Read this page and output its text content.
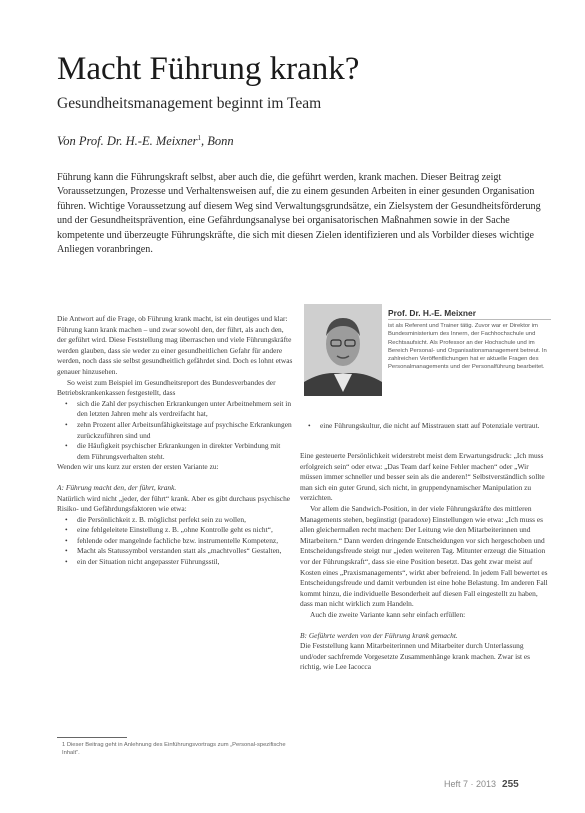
Macht Führung krank?
Gesundheitsmanagement beginnt im Team
Von Prof. Dr. H.-E. Meixner$^1$, Bonn
Führung kann die Führungskraft selbst, aber auch die, die geführt werden, krank machen. Dieser Beitrag zeigt Voraussetzungen, Prozesse und Verhaltensweisen auf, die zu einem gesunden Arbeiten in einer gesunden Organisation führen. Wichtige Voraussetzung auf diesem Weg sind Verwaltungsgrundsätze, ein Zielsystem der Gesundheitsförderung und der Gesundheitsprävention, eine Gefährdungsanalyse bei organisatorischen Maßnahmen sowie in der Sache kompetente und überzeugte Führungskräfte, die sich mit diesen Zielen identifizieren und als Vorbilder dieses wichtige Anliegen voranbringen.

Die Antwort auf die Frage, ob Führung krank macht, ist ein deutiges und klar: Führung kann krank machen – und zwar sowohl den, der führt, als auch den, der geführt wird. Diese Feststellung mag überraschen und viele Führungskräfte werden glauben, dass sie weder zu einer gesundheitlichen Gefahr für andere werden, noch dass sie selbst gesundheitlich gefährdet sind. Doch es lohnt etwas genauer hinzusehen.

So weist zum Beispiel im Gesundheitsreport des Bundesverbandes der Betriebskrankenkassen festgestellt, dass

• sich die Zahl der psychischen Erkrankungen unter Arbeitnehmern seit in den letzten Jahren mehr als verdreifacht hat,
• zehn Prozent aller Arbeitsunfähigkeitstage auf psychische Erkrankungen zurückzuführen sind und
• die Häufigkeit psychischer Erkrankungen in direkter Verbindung mit dem Führungsverhalten steht.

Wenden wir uns kurz zur ersten der ersten Variante zu:

A: Führung macht den, der führt, krank.

Natürlich wird nicht „jeder, der führt“ krank. Aber es gibt durchaus psychische Risiko- und Gefährdungsfaktoren wie etwa:

• die Persönlichkeit z. B. möglichst perfekt sein zu wollen,
• eine fehlgeleitete Einstellung z. B. „ohne Kontrolle geht es nicht“,
• fehlende oder mangelnde fachliche bzw. instrumentelle Kompetenz,
• Macht als Statussymbol verstanden statt als „machtvolles“ Gestalten,
• ein der Situation nicht angepasster Führungsstil,
Prof. Dr. H.-E. Meixner
ist als Referent und Trainer tätig. Zuvor war er Direktor im Bundesministerium des Innern, der Fachhochschule und Rechtsaufsicht. Als Professor an der Hochschule und im Bereich Personal- und Organisationsmanagement betreut. In zahlreichen Veröffentlichungen hat er aktuelle Fragen des Personalmanagements und der Personalführung bearbeitet.
• eine Führungskultur, die nicht auf Misstrauen statt auf Potenziale vertraut.

Eine gesteuerte Persönlichkeit widerstrebt meist dem Erwartungsdruck: „Ich muss erfolgreich sein“ oder etwa: „Das Team darf keine Fehler machen“ oder „Wir müssen immer schneller und besser sein als die anderen!“ Selbstverständlich sollte man sich ein guter Grund, sich nicht, in gruppendynamischer Manipulation zu verzichten.

Vor allem die Sandwich-Position, in der viele Führungskräfte des mittleren Managements stehen, begünstigt (paradoxe) Einstellungen wie etwa: „Ich muss es allen gleichermaßen recht machen: Der Leitung wie den Mitarbeiterinnen und Mitarbeitern.“ Dann werden dringende Entscheidungen vor sich hergeschoben und Entscheidungsfreude steigt nur „jeden weiteren Tag. Mitunter erzeugt die Situation vor der Führungskraft“, dass sie eine Position besetzt. Das geht zwar meist auf Kosten eines „Praxismanagements“, wirkt aber befreiend. In jedem Fall bewertet es Entscheidungsfreude und damit verbunden ist eine hohe Belastung. Im anderen Fall kommt hinzu, die individuelle Besonderheit auf diesen Fall eingestellt zu haben, dass man nicht wirklich zum Handeln.

Auch die zweite Variante kann sehr einfach erfüllen:

B: Geführte werden von der Führung krank gemacht.

Die Feststellung kann Mitarbeiterinnen und Mitarbeiter durch Unterlassung und/oder sachfremde Vorgesetzte Zusammenhänge krank machen. Zwar ist es richtig, wie Lee Iacocca

1 Dieser Beitrag geht in Anlehnung des Einführungsvortrags zum „Personal-spezifische Inhalt“.
Heft 7 · 2013 255
